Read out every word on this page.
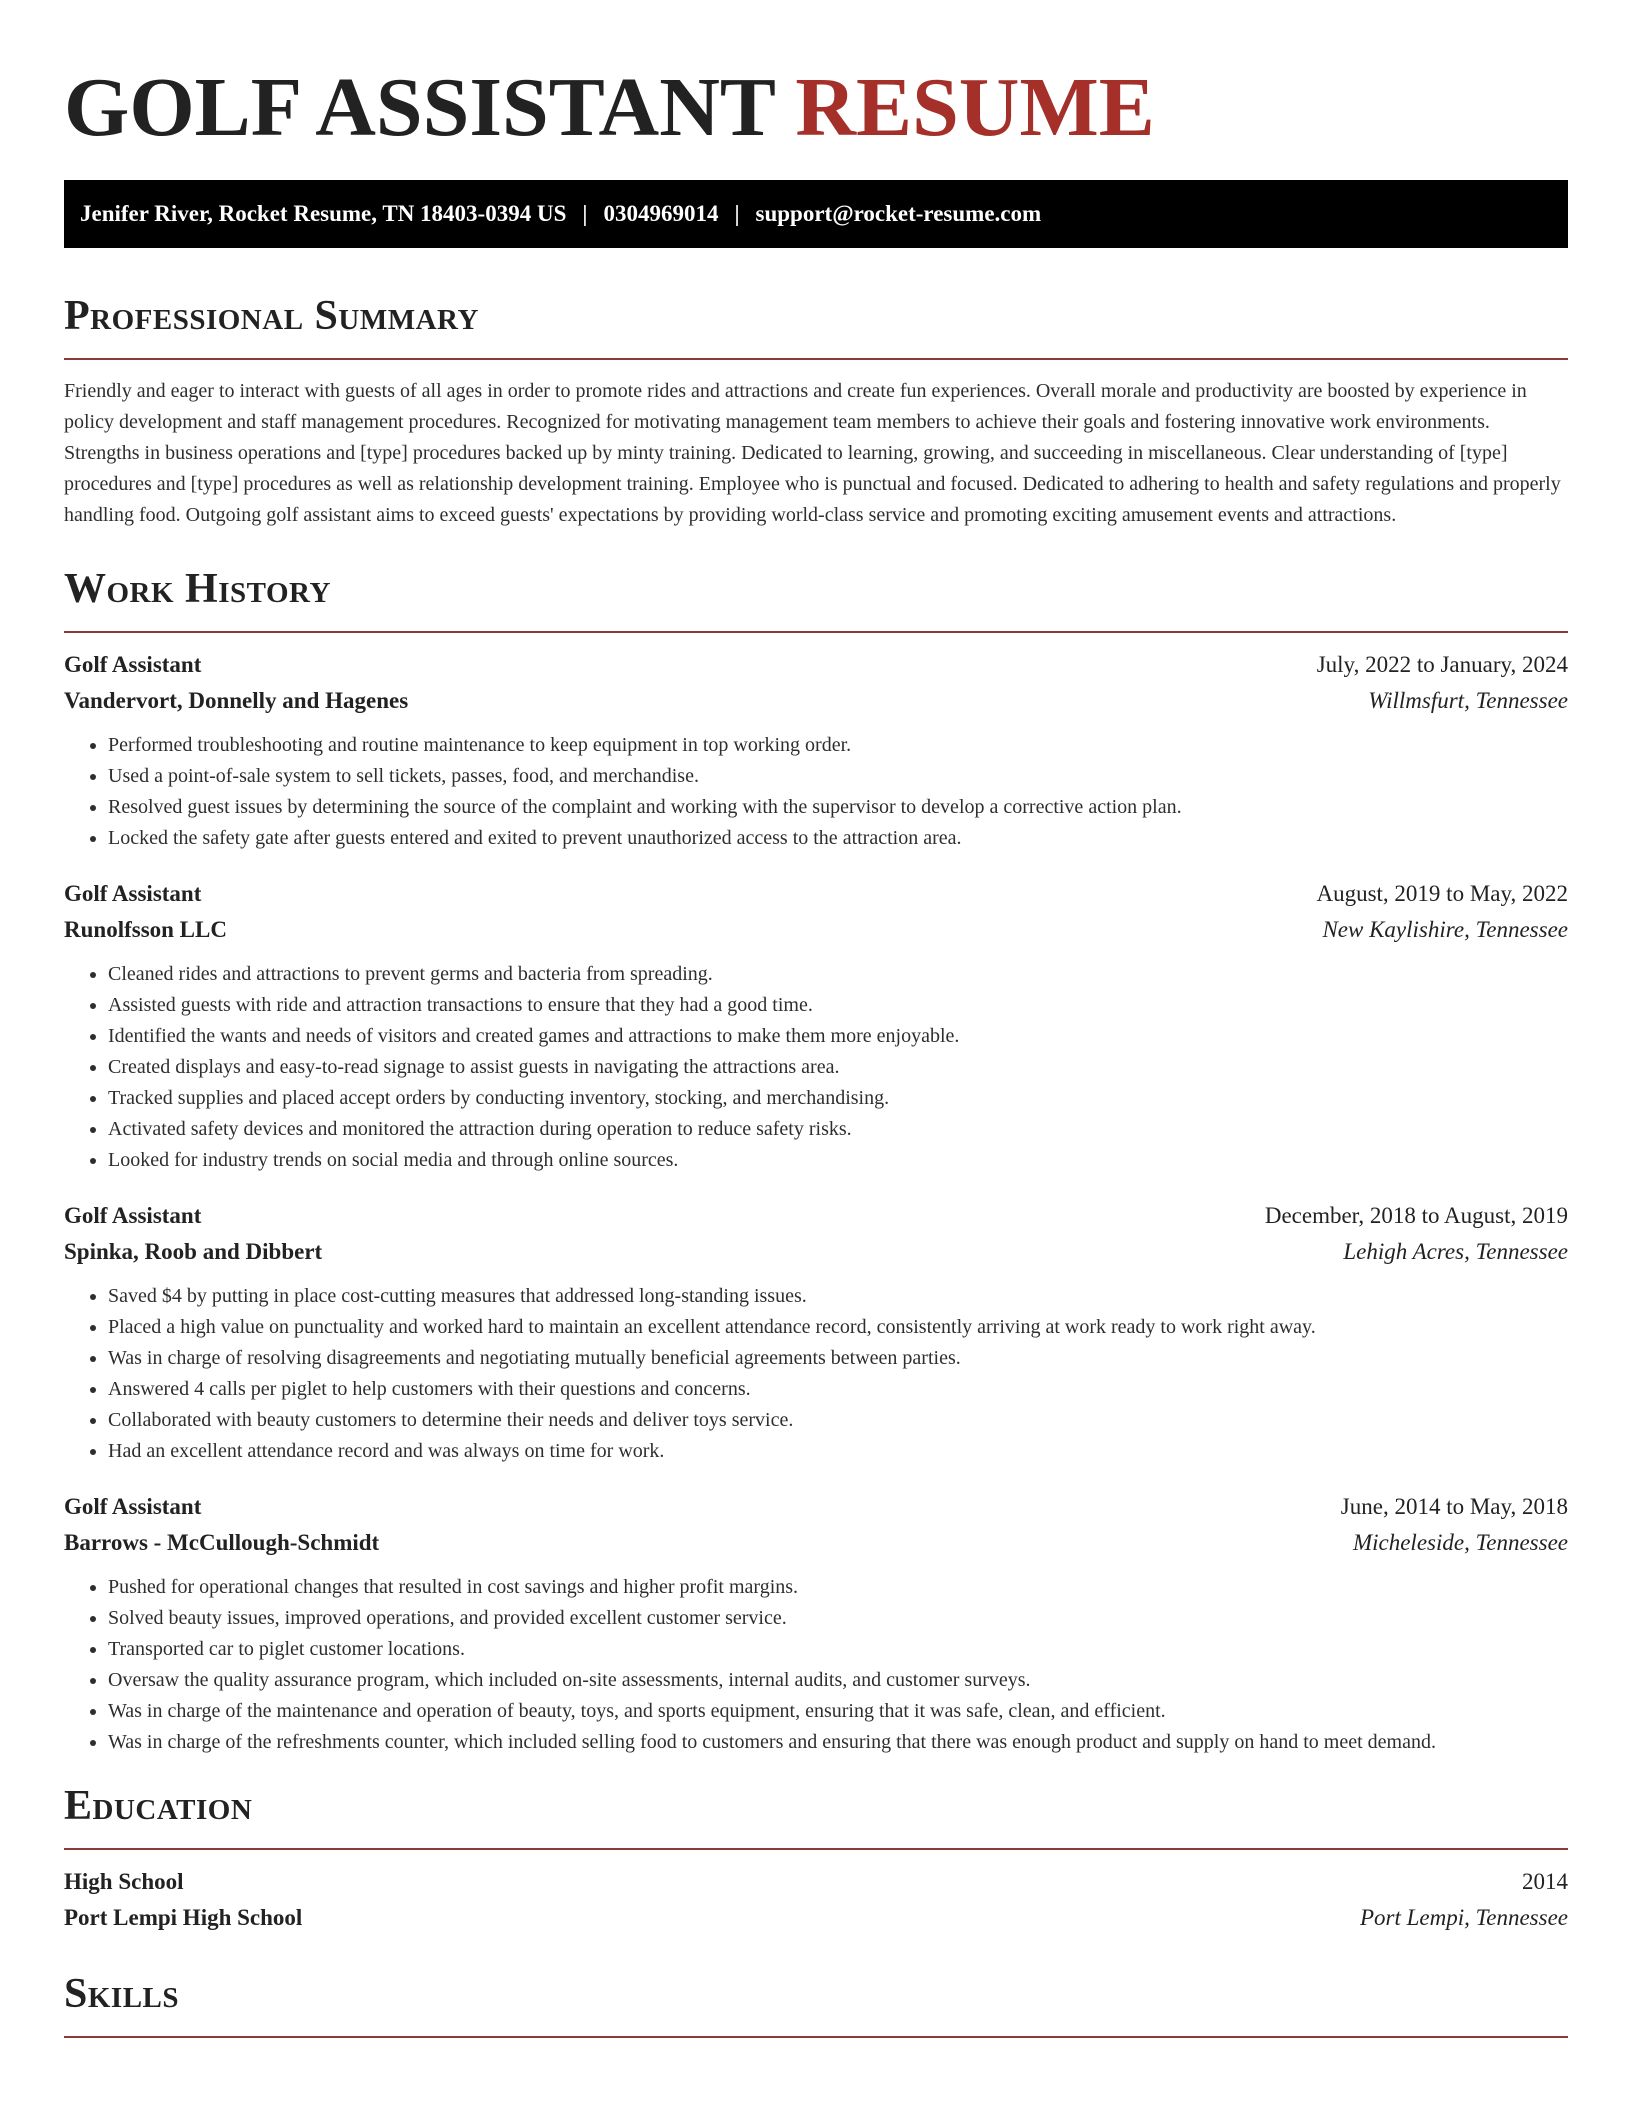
GOLF ASSISTANT RESUME
Jenifer River, Rocket Resume, TN 18403-0394 US | 0304969014 | support@rocket-resume.com
Professional Summary
Friendly and eager to interact with guests of all ages in order to promote rides and attractions and create fun experiences. Overall morale and productivity are boosted by experience in policy development and staff management procedures. Recognized for motivating management team members to achieve their goals and fostering innovative work environments. Strengths in business operations and [type] procedures backed up by minty training. Dedicated to learning, growing, and succeeding in miscellaneous. Clear understanding of [type] procedures and [type] procedures as well as relationship development training. Employee who is punctual and focused. Dedicated to adhering to health and safety regulations and properly handling food. Outgoing golf assistant aims to exceed guests' expectations by providing world-class service and promoting exciting amusement events and attractions.
Work History
Golf Assistant	July, 2022 to January, 2024
Vandervort, Donnelly and Hagenes	Willmsfurt, Tennessee
• Performed troubleshooting and routine maintenance to keep equipment in top working order.
• Used a point-of-sale system to sell tickets, passes, food, and merchandise.
• Resolved guest issues by determining the source of the complaint and working with the supervisor to develop a corrective action plan.
• Locked the safety gate after guests entered and exited to prevent unauthorized access to the attraction area.
Golf Assistant	August, 2019 to May, 2022
Runolfsson LLC	New Kaylishire, Tennessee
• Cleaned rides and attractions to prevent germs and bacteria from spreading.
• Assisted guests with ride and attraction transactions to ensure that they had a good time.
• Identified the wants and needs of visitors and created games and attractions to make them more enjoyable.
• Created displays and easy-to-read signage to assist guests in navigating the attractions area.
• Tracked supplies and placed accept orders by conducting inventory, stocking, and merchandising.
• Activated safety devices and monitored the attraction during operation to reduce safety risks.
• Looked for industry trends on social media and through online sources.
Golf Assistant	December, 2018 to August, 2019
Spinka, Roob and Dibbert	Lehigh Acres, Tennessee
• Saved $4 by putting in place cost-cutting measures that addressed long-standing issues.
• Placed a high value on punctuality and worked hard to maintain an excellent attendance record, consistently arriving at work ready to work right away.
• Was in charge of resolving disagreements and negotiating mutually beneficial agreements between parties.
• Answered 4 calls per piglet to help customers with their questions and concerns.
• Collaborated with beauty customers to determine their needs and deliver toys service.
• Had an excellent attendance record and was always on time for work.
Golf Assistant	June, 2014 to May, 2018
Barrows - McCullough-Schmidt	Micheleside, Tennessee
• Pushed for operational changes that resulted in cost savings and higher profit margins.
• Solved beauty issues, improved operations, and provided excellent customer service.
• Transported car to piglet customer locations.
• Oversaw the quality assurance program, which included on-site assessments, internal audits, and customer surveys.
• Was in charge of the maintenance and operation of beauty, toys, and sports equipment, ensuring that it was safe, clean, and efficient.
• Was in charge of the refreshments counter, which included selling food to customers and ensuring that there was enough product and supply on hand to meet demand.
Education
High School	2014
Port Lempi High School	Port Lempi, Tennessee
Skills
